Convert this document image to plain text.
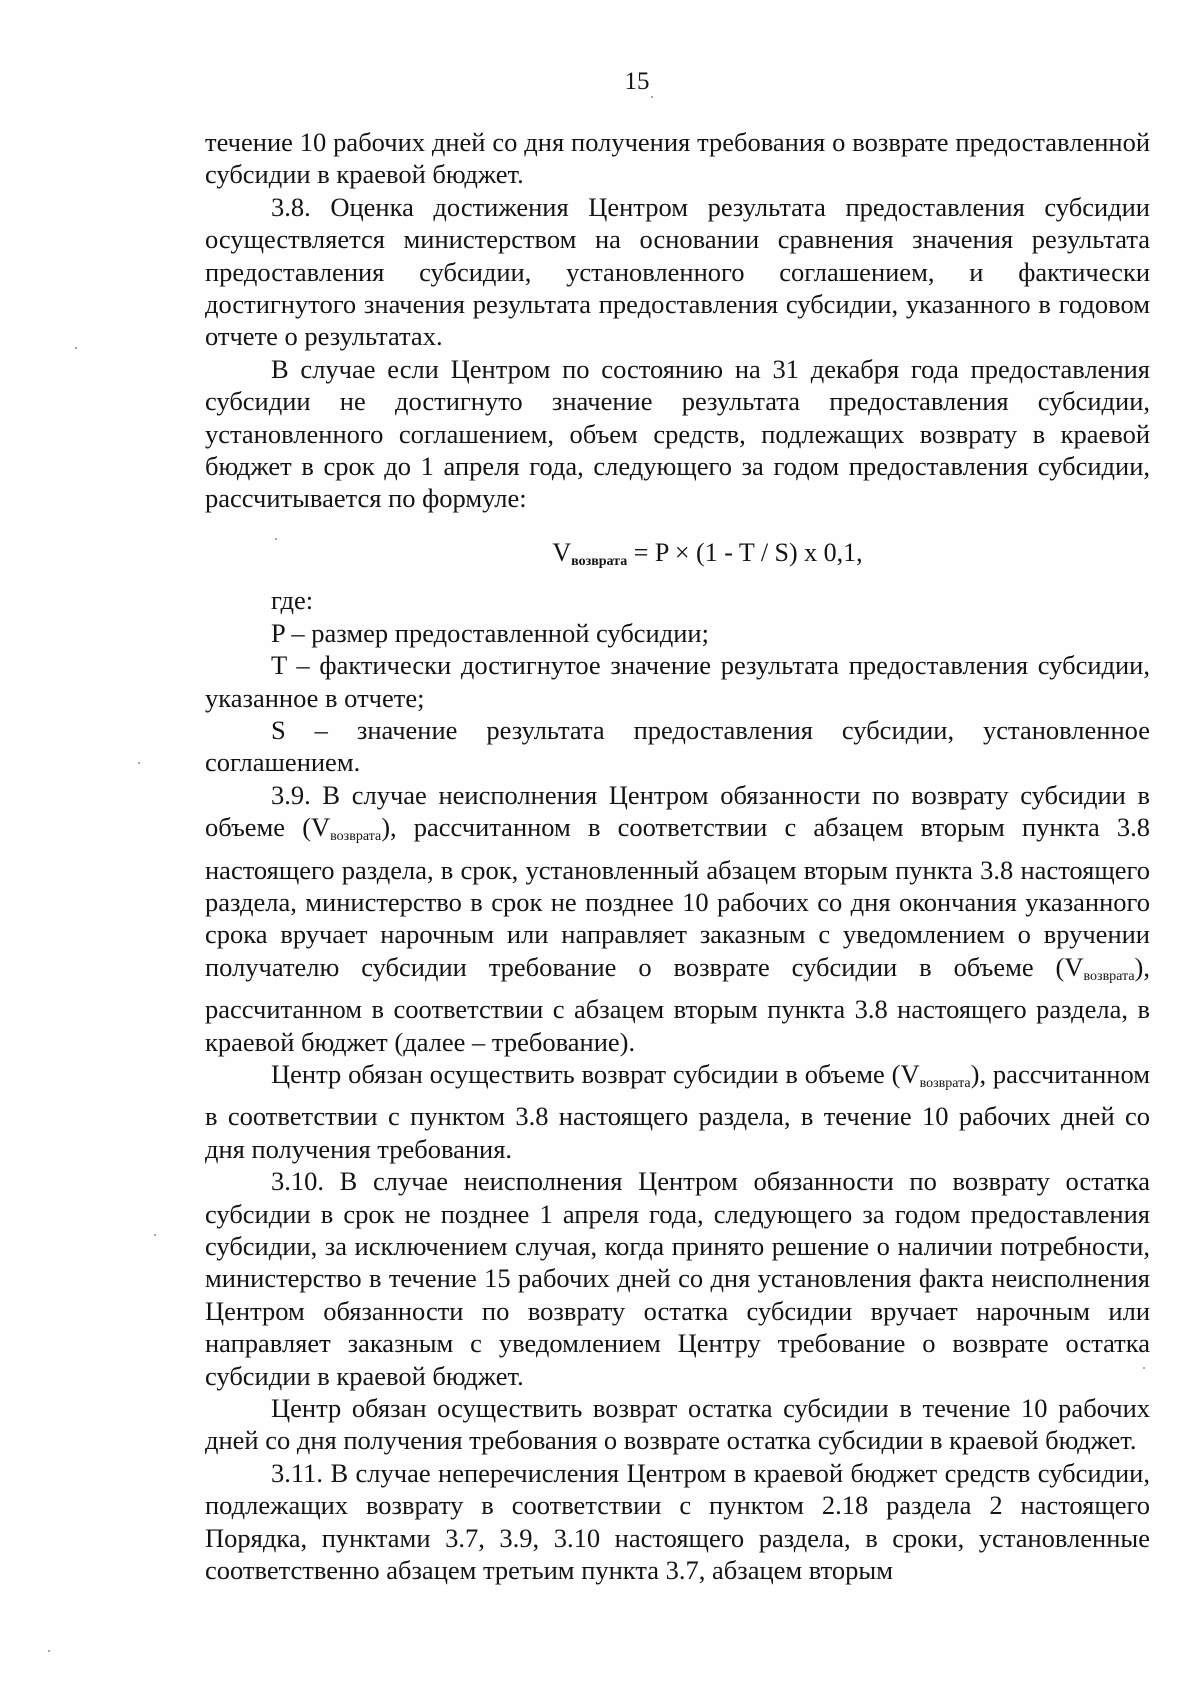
15

течение 10 рабочих дней со дня получения требования о возврате предоставленной субсидии в краевой бюджет.

3.8. Оценка достижения Центром результата предоставления субсидии осуществляется министерством на основании сравнения значения результата предоставления субсидии, установленного соглашением, и фактически достигнутого значения результата предоставления субсидии, указанного в годовом отчете о результатах.

В случае если Центром по состоянию на 31 декабря года предоставления субсидии не достигнуто значение результата предоставления субсидии, установленного соглашением, объем средств, подлежащих возврату в краевой бюджет в срок до 1 апреля года, следующего за годом предоставления субсидии, рассчитывается по формуле:

$V_{возврата} = P \times (1 - T / S)$ x 0,1,

где:

P – размер предоставленной субсидии;

T – фактически достигнутое значение результата предоставления субсидии, указанное в отчете;

S – значение результата предоставления субсидии, установленное соглашением.

3.9. В случае неисполнения Центром обязанности по возврату субсидии в объеме (Vвозврата), рассчитанном в соответствии с абзацем вторым пункта 3.8 настоящего раздела, в срок, установленный абзацем вторым пункта 3.8 настоящего раздела, министерство в срок не позднее 10 рабочих со дня окончания указанного срока вручает нарочным или направляет заказным с уведомлением о вручении получателю субсидии требование о возврате субсидии в объеме (Vвозврата), рассчитанном в соответствии с абзацем вторым пункта 3.8 настоящего раздела, в краевой бюджет (далее – требование).

Центр обязан осуществить возврат субсидии в объеме (Vвозврата), рассчитанном в соответствии с пунктом 3.8 настоящего раздела, в течение 10 рабочих дней со дня получения требования.

3.10. В случае неисполнения Центром обязанности по возврату остатка субсидии в срок не позднее 1 апреля года, следующего за годом предоставления субсидии, за исключением случая, когда принято решение о наличии потребности, министерство в течение 15 рабочих дней со дня установления факта неисполнения Центром обязанности по возврату остатка субсидии вручает нарочным или направляет заказным с уведомлением Центру требование о возврате остатка субсидии в краевой бюджет.

Центр обязан осуществить возврат остатка субсидии в течение 10 рабочих дней со дня получения требования о возврате остатка субсидии в краевой бюджет.

3.11. В случае неперечисления Центром в краевой бюджет средств субсидии, подлежащих возврату в соответствии с пунктом 2.18 раздела 2 настоящего Порядка, пунктами 3.7, 3.9, 3.10 настоящего раздела, в сроки, установленные соответственно абзацем третьим пункта 3.7, абзацем вторым
